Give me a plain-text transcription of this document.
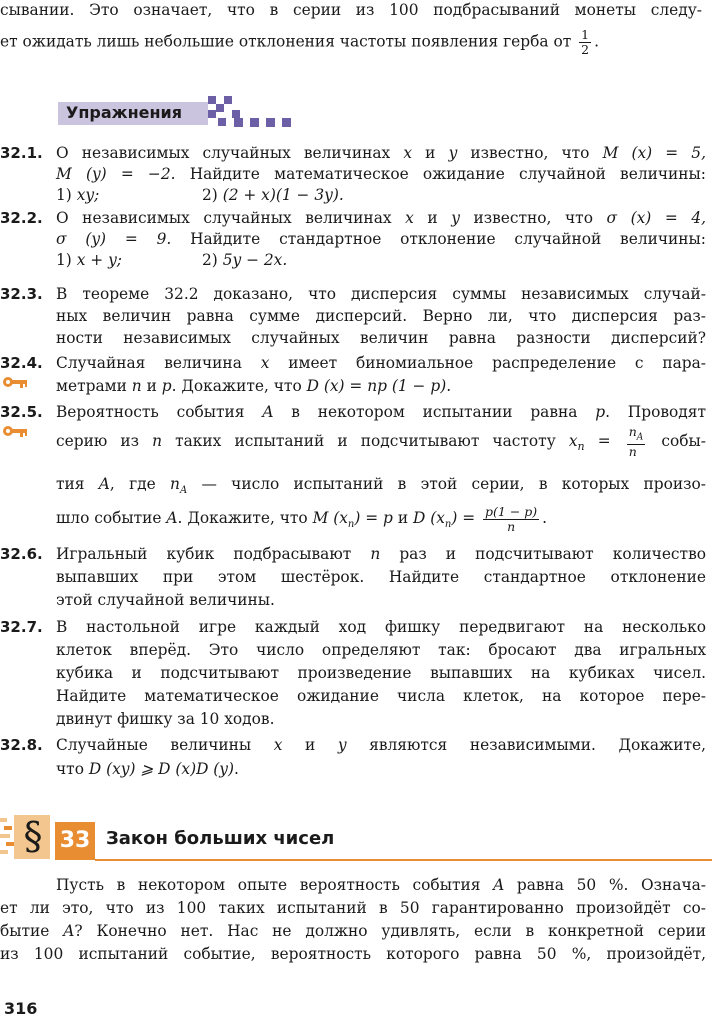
сывании. Это означает, что в серии из 100 подбрасываний монеты следу-
ет ожидать лишь небольшие отклонения частоты появления герба от $\frac{1}{2}$ .
Упражнения
32.1. О независимых случайных величинах x и y известно, что M (x) = 5,
M (y) = −2. Найдите математическое ожидание случайной величины:
1) xy;	2) (2 + x)(1 − 3y).
32.2. О независимых случайных величинах x и y известно, что σ (x) = 4,
σ (y) = 9. Найдите стандартное отклонение случайной величины:
1) x + y;	2) 5y − 2x.
32.3. В теореме 32.2 доказано, что дисперсия суммы независимых случай-
ных величин равна сумме дисперсий. Верно ли, что дисперсия раз-
ности независимых случайных величин равна разности дисперсий?
32.4. Случайная величина x имеет биномиальное распределение с пара-
метрами n и p. Докажите, что D (x) = np (1 − p).
32.5. Вероятность события A в некотором испытании равна p. Проводят
серию из n таких испытаний и подсчитывают частоту $x_n = \frac{n_A}{n}$ собы-
тия A, где $n_A$ — число испытаний в этой серии, в которых произо-
шло событие A. Докажите, что M $(x_n) = p$ и D $(x_n) = \frac{p(1 - p)}{n}$ .
32.6. Игральный кубик подбрасывают n раз и подсчитывают количество
выпавших при этом шестёрок. Найдите стандартное отклонение
этой случайной величины.
32.7. В настольной игре каждый ход фишку передвигают на несколько
клеток вперёд. Это число определяют так: бросают два игральных
кубика и подсчитывают произведение выпавших на кубиках чисел.
Найдите математическое ожидание числа клеток, на которое пере-
двинут фишку за 10 ходов.
32.8. Случайные величины x и y являются независимыми. Докажите,
что D (xy) ⩾ D (x)D (y).
§ 33 Закон больших чисел
Пусть в некотором опыте вероятность события A равна 50 %. Означа-
ет ли это, что из 100 таких испытаний в 50 гарантированно произойдёт со-
бытие A? Конечно нет. Нас не должно удивлять, если в конкретной серии
из 100 испытаний событие, вероятность которого равна 50 %, произойдёт,
316
